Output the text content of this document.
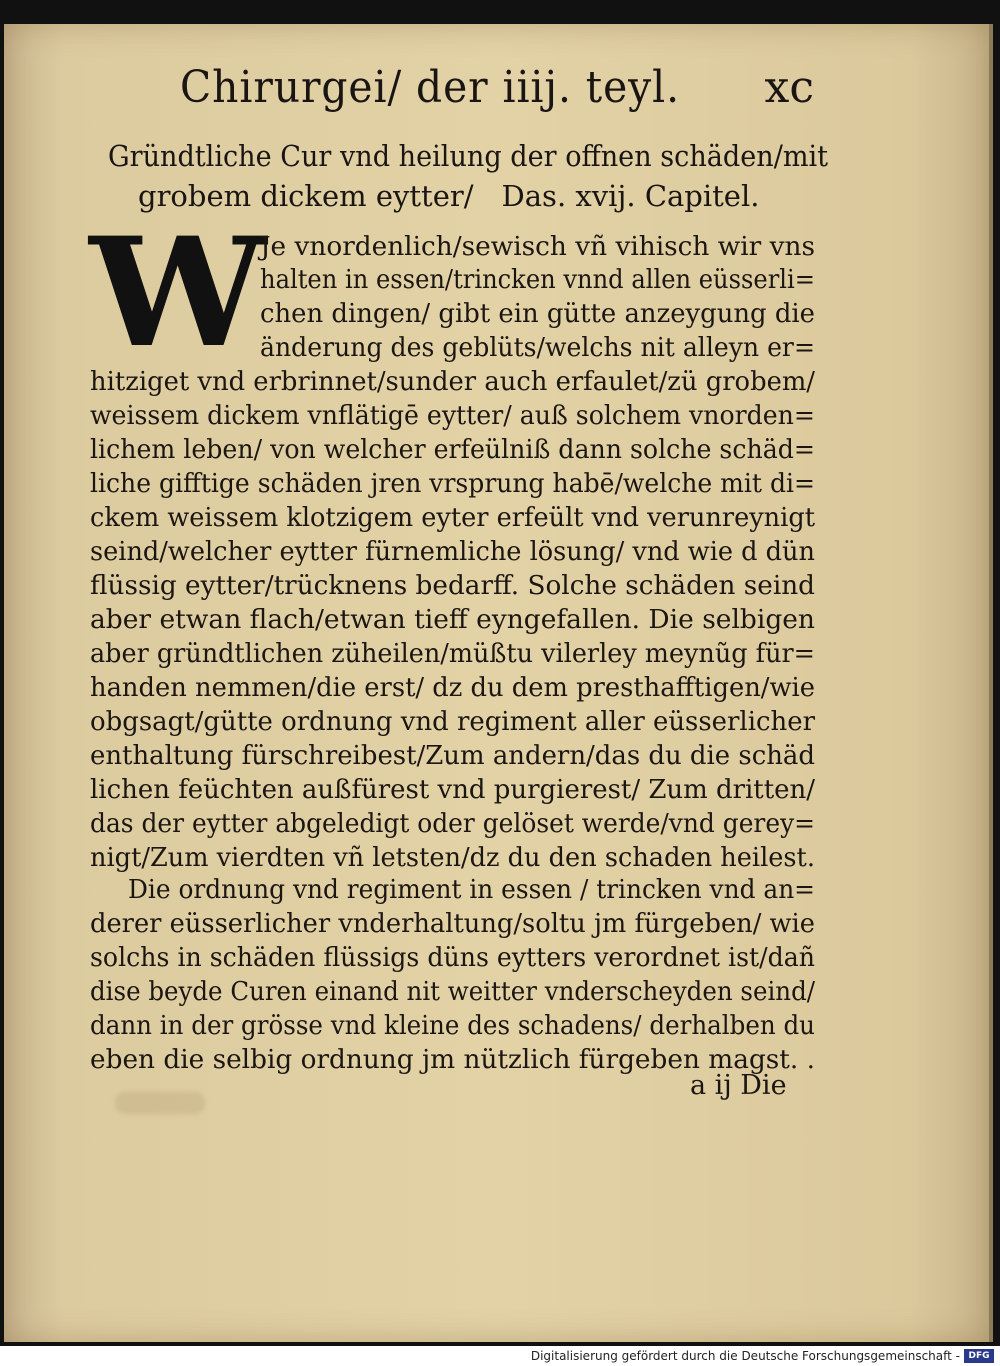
Chirurgei/ der iiij. teyl. xc
Gründtliche Cur vnd heilung der offnen schäden/mit
grobem dickem eytter/ Das. xvij. Capitel.
W Je vnordenlich/sewisch vñ vihisch wir vns
halten in essen/trincken vnnd allen eüsserli=
chen dingen/ gibt ein gütte anzeygung die
änderung des geblüts/welchs nit alleyn er=
hitziget vnd erbrinnet/sunder auch erfaulet/zü grobem/
weissem dickem vnflätigē eytter/ auß solchem vnorden=
lichem leben/ von welcher erfeülniß dann solche schäd=
liche gifftige schäden jren vrsprung habē/welche mit di=
ckem weissem klotzigem eyter erfeült vnd verunreynigt
seind/welcher eytter fürnemliche lösung/ vnd wie d dün
flüssig eytter/trücknens bedarff. Solche schäden seind
aber etwan flach/etwan tieff eyngefallen. Die selbigen
aber gründtlichen züheilen/müßtu vilerley meynũg für=
handen nemmen/die erst/ dz du dem presthafftigen/wie
obgsagt/gütte ordnung vnd regiment aller eüsserlicher
enthaltung fürschreibest/Zum andern/das du die schäd
lichen feüchten außfürest vnd purgierest/ Zum dritten/
das der eytter abgeledigt oder gelöset werde/vnd gerey=
nigt/Zum vierdten vñ letsten/dz du den schaden heilest.
Die ordnung vnd regiment in essen / trincken vnd an=
derer eüsserlicher vnderhaltung/soltu jm fürgeben/ wie
solchs in schäden flüssigs düns eytters verordnet ist/dañ
dise beyde Curen einand nit weitter vnderscheyden seind/
dann in der grösse vnd kleine des schadens/ derhalben du
eben die selbig ordnung jm nützlich fürgeben magst. .
a ij Die
Digitalisierung gefördert durch die Deutsche Forschungsgemeinschaft - DFG
